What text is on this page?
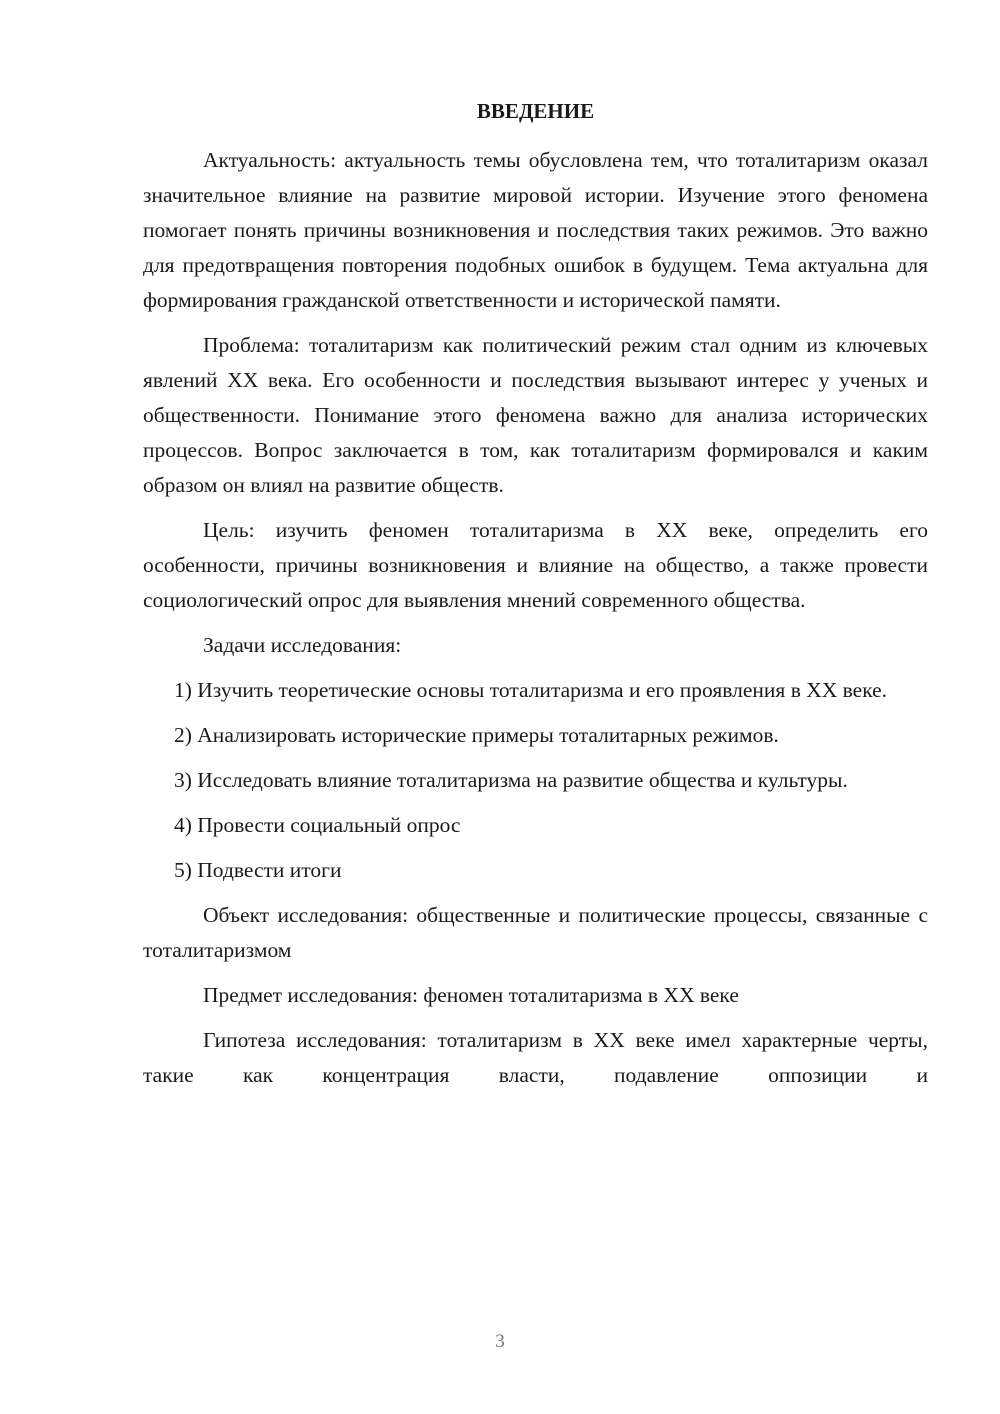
ВВЕДЕНИЕ

Актуальность: актуальность темы обусловлена тем, что тоталитаризм оказал значительное влияние на развитие мировой истории. Изучение этого феномена помогает понять причины возникновения и последствия таких режимов. Это важно для предотвращения повторения подобных ошибок в будущем. Тема актуальна для формирования гражданской ответственности и исторической памяти.

Проблема: тоталитаризм как политический режим стал одним из ключевых явлений XX века. Его особенности и последствия вызывают интерес у ученых и общественности. Понимание этого феномена важно для анализа исторических процессов. Вопрос заключается в том, как тоталитаризм формировался и каким образом он влиял на развитие обществ.

Цель: изучить феномен тоталитаризма в XX веке, определить его особенности, причины возникновения и влияние на общество, а также провести социологический опрос для выявления мнений современного общества.

Задачи исследования:

1) Изучить теоретические основы тоталитаризма и его проявления в XX веке.

2) Анализировать исторические примеры тоталитарных режимов.

3) Исследовать влияние тоталитаризма на развитие общества и культуры.

4) Провести социальный опрос

5) Подвести итоги

Объект исследования: общественные и политические процессы, связанные с тоталитаризмом

Предмет исследования: феномен тоталитаризма в XX веке

Гипотеза исследования: тоталитаризм в XX веке имел характерные черты, такие как концентрация власти, подавление оппозиции и

3
